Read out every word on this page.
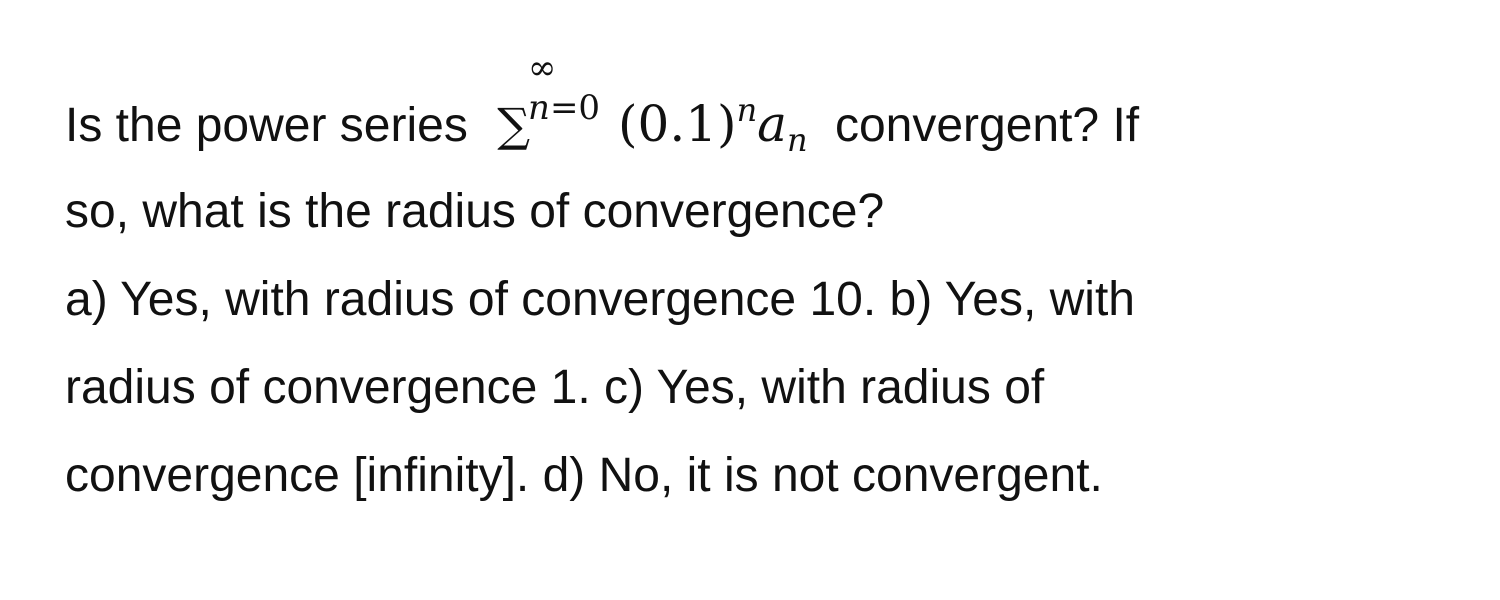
Is the power series ∑
∞
n=0 $(0.1)^na_n$ convergent? If
so, what is the radius of convergence?
a) Yes, with radius of convergence 10. b) Yes, with
radius of convergence 1. c) Yes, with radius of
convergence [infinity]. d) No, it is not convergent.
